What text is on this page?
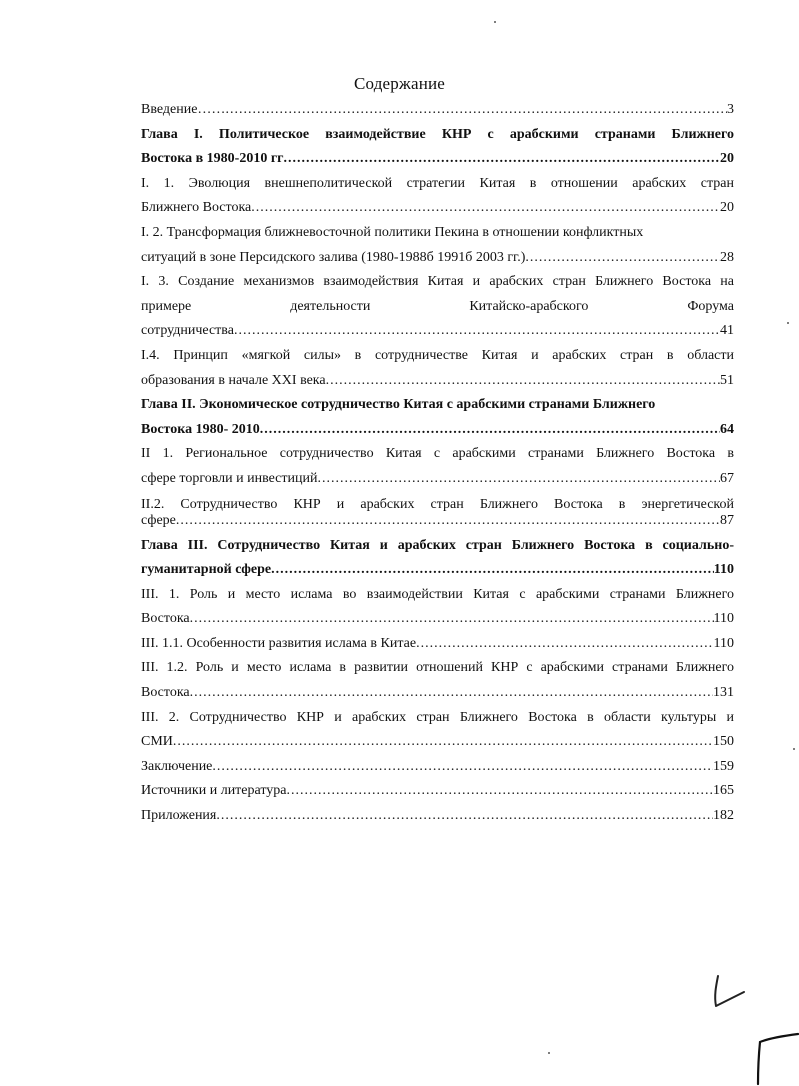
Содержание
Введение…… .....	3
Глава I. Политическое взаимодействие КНР с арабскими странами Ближнего
Востока в 1980-2010 гг .....	20
I. 1. Эволюция внешнеполитической стратегии Китая в отношении арабских стран
Ближнего Востока .....	20
I. 2. Трансформация ближневосточной политики Пекина в отношении конфликтных
ситуаций в зоне Персидского залива (1980-1988б 1991б 2003 гг.) .....	28
I. 3. Создание механизмов взаимодействия Китая и арабских стран Ближнего Востока на
примере деятельности Китайско-арабского Форума
сотрудничества .....	41
I.4. Принцип «мягкой силы» в сотрудничестве Китая и арабских стран в области
образования в начале XXI века .....	51
Глава II. Экономическое сотрудничество Китая с арабскими странами Ближнего
Востока 1980- 2010 .....	64
II 1. Региональное сотрудничество Китая с арабскими странами Ближнего Востока в
сфере торговли и инвестиций .....	67
II.2. Сотрудничество КНР и арабских стран Ближнего Востока в энергетической
сфере .....	87
Глава III. Сотрудничество Китая и арабских стран Ближнего Востока в социально-
гуманитарной сфере .....	110
III. 1. Роль и место ислама во взаимодействии Китая с арабскими странами Ближнего
Востока .....	110
III. 1.1. Особенности развития ислама в Китае .....	110
III. 1.2. Роль и место ислама в развитии отношений КНР с арабскими странами Ближнего
Востока .....	131
III. 2. Сотрудничество КНР и арабских стран Ближнего Востока в области культуры и
СМИ .....	150
Заключение .....	159
Источники и литература .....	165
Приложения .....	182
